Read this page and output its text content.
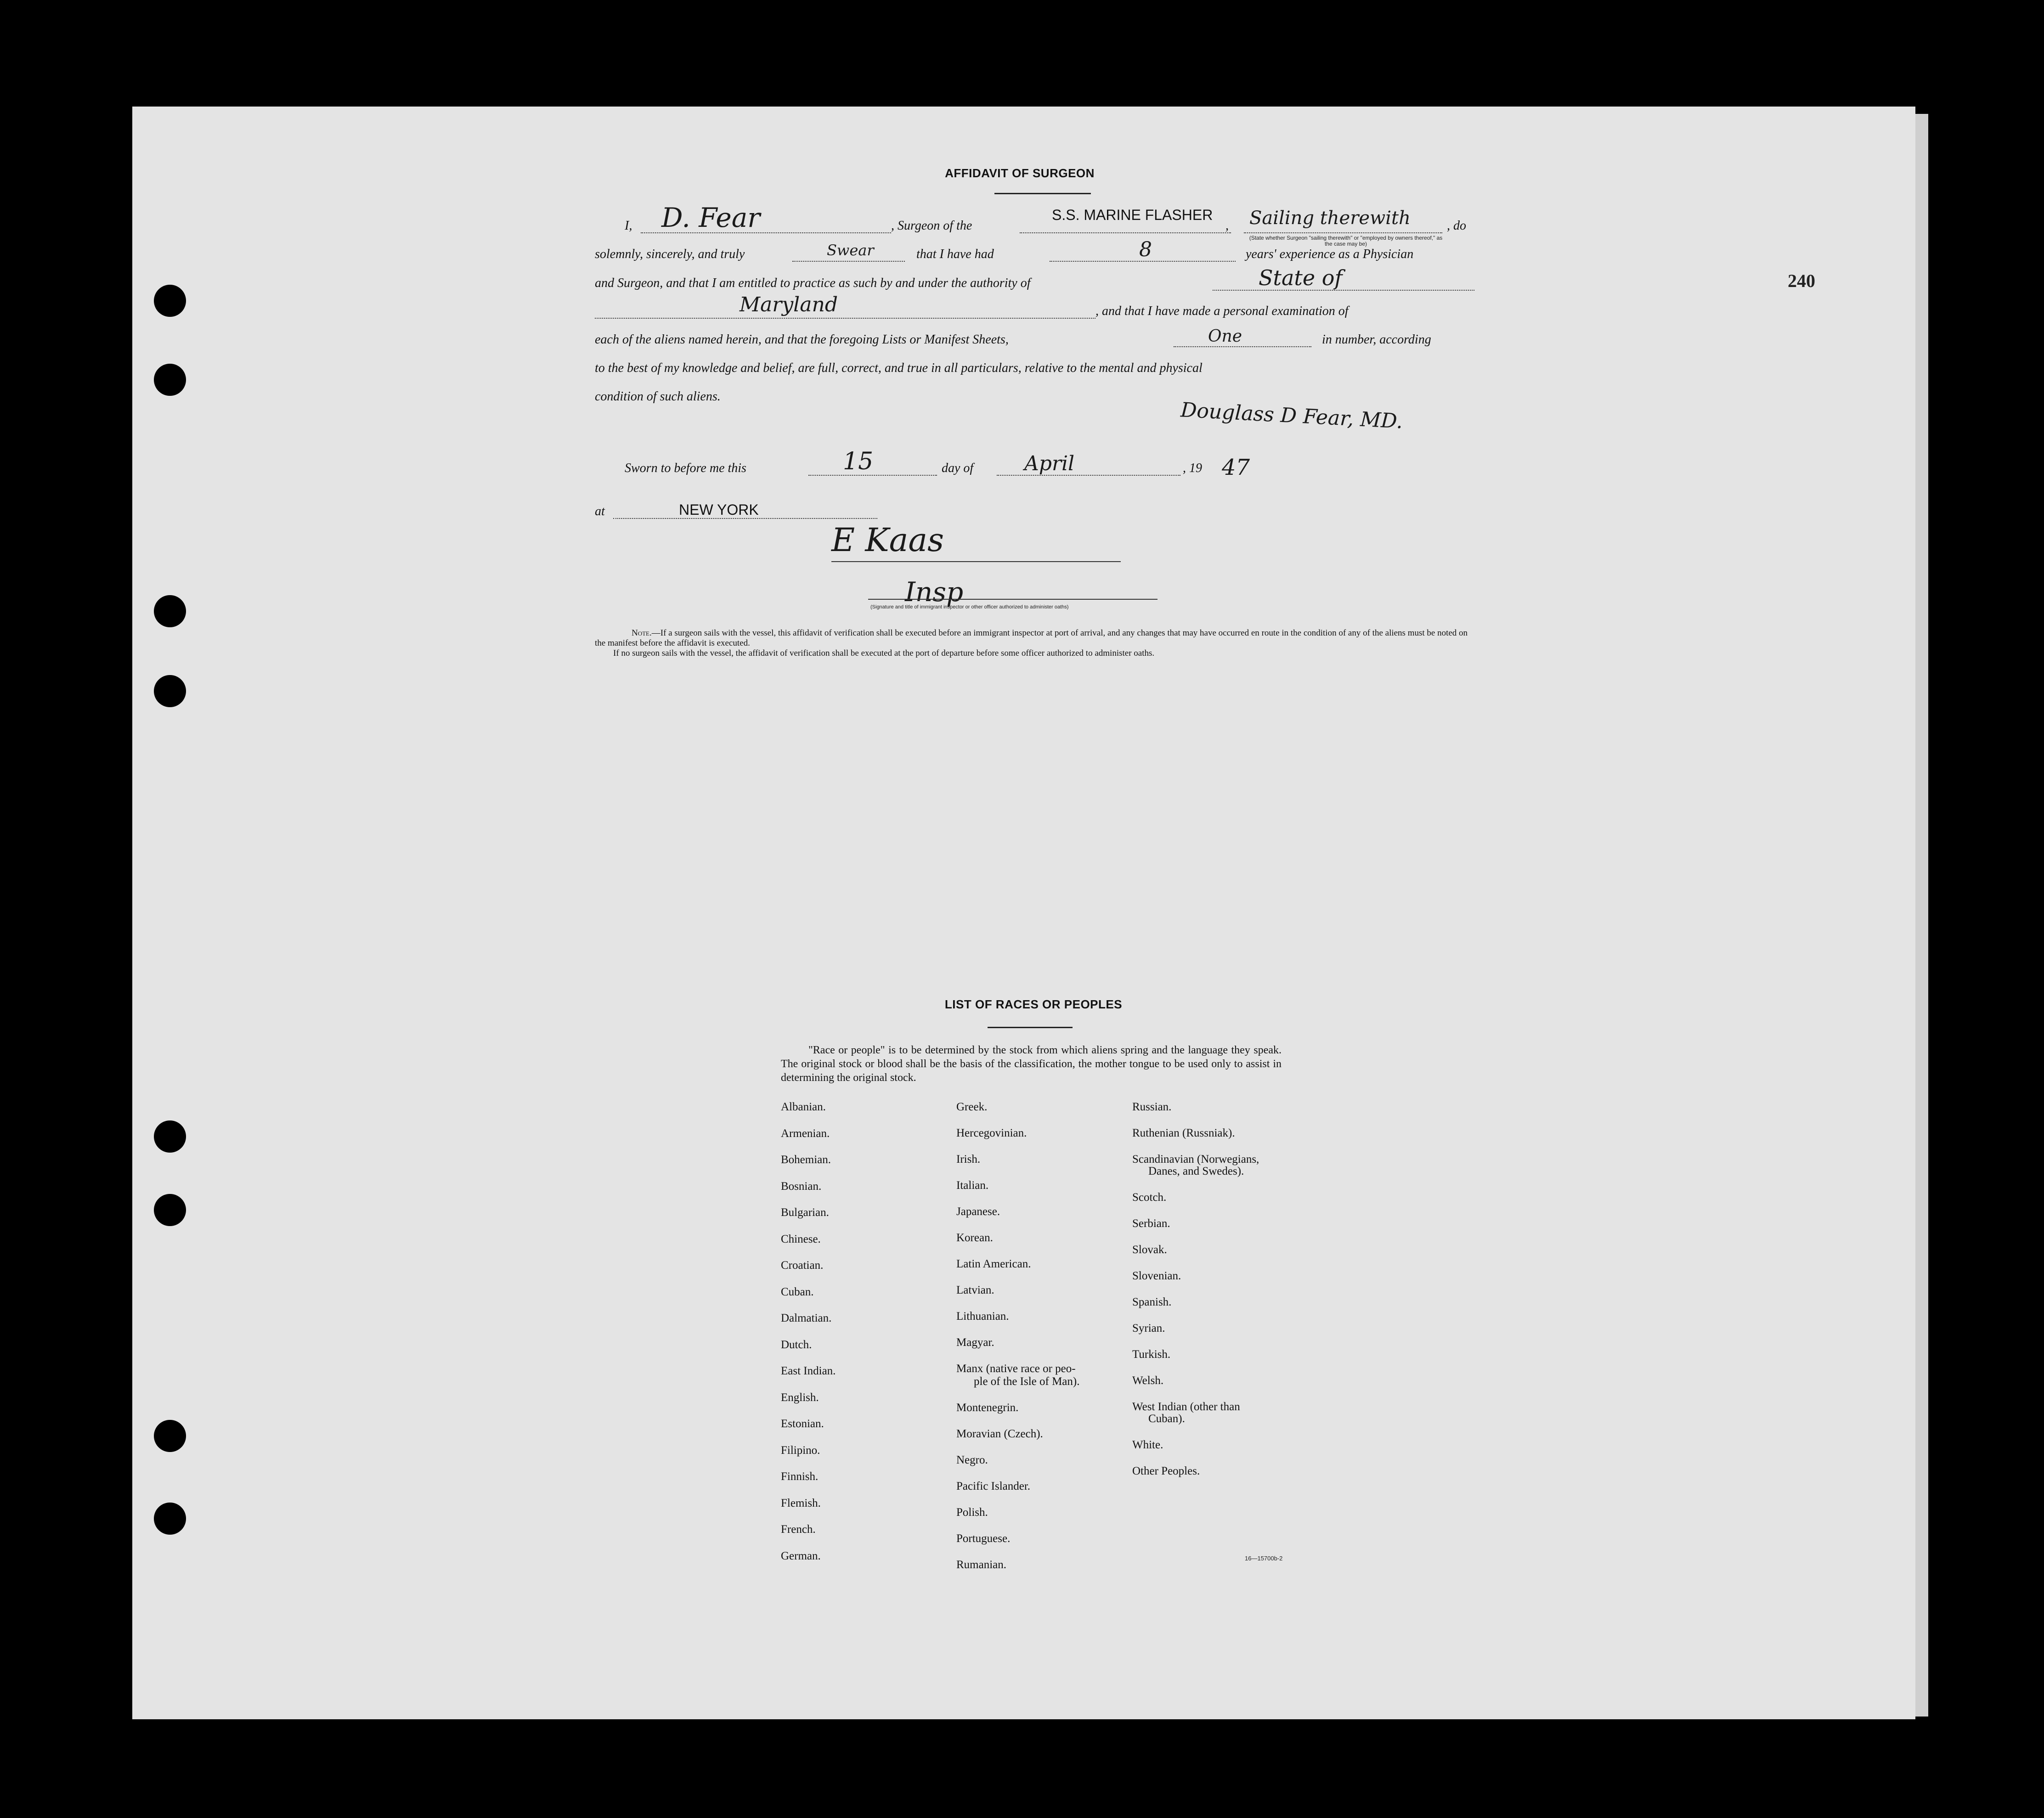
240
AFFIDAVIT OF SURGEON
I, D. Fear	, Surgeon of the
S.S. MARINE FLASHER
, Sailing therewith
(State whether Surgeon "sailing therewith" or "employed by owners thereof," as the case may be)
, do
solemnly, sincerely, and truly	Swear	that I have had	8	years' experience as a Physician
and Surgeon, and that I am entitled to practice as such by and under the authority of	State of
Maryland	, and that I have made a personal examination of
each of the aliens named herein, and that the foregoing Lists or Manifest Sheets,	One	in number, according
to the best of my knowledge and belief, are full, correct, and true in all particulars, relative to the mental and physical
condition of such aliens.
Douglass D Fear, MD.
Sworn to before me this	15	day of	April	, 19 47
at	NEW YORK
E Kaas
Insp
(Signature and title of immigrant inspector or other officer authorized to administer oaths)
Note.—If a surgeon sails with the vessel, this affidavit of verification shall be executed before an immigrant inspector at port of arrival, and any changes that may have occurred en route in the condition of any of the aliens must be noted on the manifest before the affidavit is executed.
If no surgeon sails with the vessel, the affidavit of verification shall be executed at the port of departure before some officer authorized to administer oaths.
LIST OF RACES OR PEOPLES
"Race or people" is to be determined by the stock from which aliens spring and the language they speak. The original stock or blood shall be the basis of the classification, the mother tongue to be used only to assist in determining the original stock.
Albanian.
Armenian.
Bohemian.
Bosnian.
Bulgarian.
Chinese.
Croatian.
Cuban.
Dalmatian.
Dutch.
East Indian.
English.
Estonian.
Filipino.
Finnish.
Flemish.
French.
German.
Greek.
Hercegovinian.
Irish.
Italian.
Japanese.
Korean.
Latin American.
Latvian.
Lithuanian.
Magyar.
Manx (native race or peo-
ple of the Isle of Man).
Montenegrin.
Moravian (Czech).
Negro.
Pacific Islander.
Polish.
Portuguese.
Rumanian.
Russian.
Ruthenian (Russniak).
Scandinavian (Norwegians,
Danes, and Swedes).
Scotch.
Serbian.
Slovak.
Slovenian.
Spanish.
Syrian.
Turkish.
Welsh.
West Indian (other than
Cuban).
White.
Other Peoples.
16—15700b-2
